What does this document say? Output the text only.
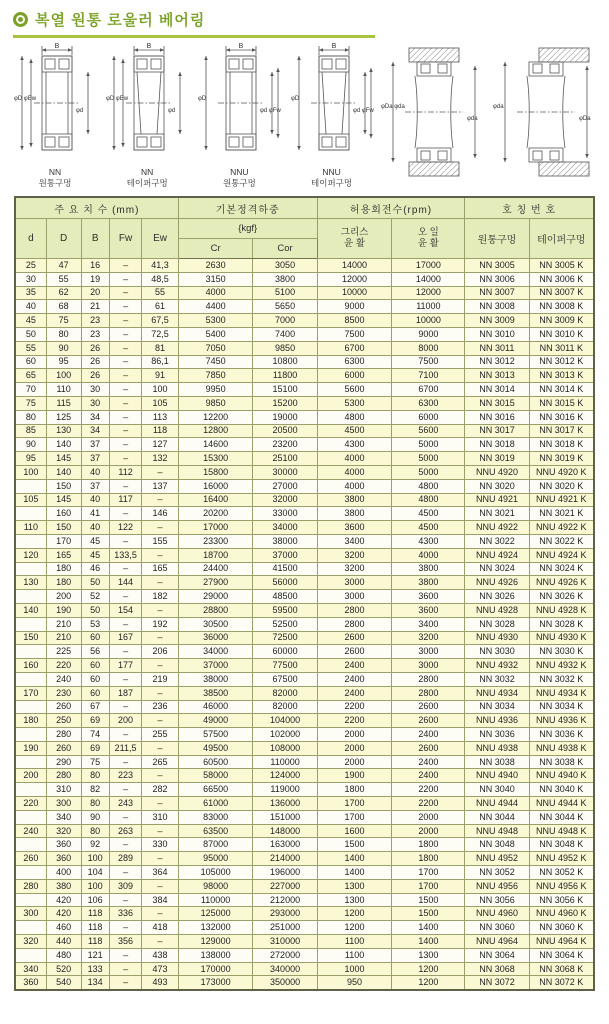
복열 원통 로울러 베어링
B
φD φEw
φd
NN
원통구멍
B
φD φEw
φd
NN
테이퍼구멍
B
φD
φd φFw
NNU
원통구멍
B
φD
φd φFw
NNU
테이퍼구멍
φDa φda
φda
φda
φDa
주 요 치 수 (mm)					기본정격하중		허용회전수(rpm)		호 칭 번 호	
d	D	B	Fw	Ew	{kgf}		그리스
윤 활	오 일
윤 활	원통구멍	테이퍼구멍
					Cr	Cor				
25	47	16	–	41,3	2630	3050	14000	17000	NN 3005	NN 3005 K
30	55	19	–	48,5	3150	3800	12000	14000	NN 3006	NN 3006 K
35	62	20	–	55	4000	5100	10000	12000	NN 3007	NN 3007 K
40	68	21	–	61	4400	5650	9000	11000	NN 3008	NN 3008 K
45	75	23	–	67,5	5300	7000	8500	10000	NN 3009	NN 3009 K
50	80	23	–	72,5	5400	7400	7500	9000	NN 3010	NN 3010 K
55	90	26	–	81	7050	9850	6700	8000	NN 3011	NN 3011 K
60	95	26	–	86,1	7450	10800	6300	7500	NN 3012	NN 3012 K
65	100	26	–	91	7850	11800	6000	7100	NN 3013	NN 3013 K
70	110	30	–	100	9950	15100	5600	6700	NN 3014	NN 3014 K
75	115	30	–	105	9850	15200	5300	6300	NN 3015	NN 3015 K
80	125	34	–	113	12200	19000	4800	6000	NN 3016	NN 3016 K
85	130	34	–	118	12800	20500	4500	5600	NN 3017	NN 3017 K
90	140	37	–	127	14600	23200	4300	5000	NN 3018	NN 3018 K
95	145	37	–	132	15300	25100	4000	5000	NN 3019	NN 3019 K
100	140	40	112	–	15800	30000	4000	5000	NNU 4920	NNU 4920 K
	150	37	–	137	16000	27000	4000	4800	NN 3020	NN 3020 K
105	145	40	117	–	16400	32000	3800	4800	NNU 4921	NNU 4921 K
	160	41	–	146	20200	33000	3800	4500	NN 3021	NN 3021 K
110	150	40	122	–	17000	34000	3600	4500	NNU 4922	NNU 4922 K
	170	45	–	155	23300	38000	3400	4300	NN 3022	NN 3022 K
120	165	45	133,5	–	18700	37000	3200	4000	NNU 4924	NNU 4924 K
	180	46	–	165	24400	41500	3200	3800	NN 3024	NN 3024 K
130	180	50	144	–	27900	56000	3000	3800	NNU 4926	NNU 4926 K
	200	52	–	182	29000	48500	3000	3600	NN 3026	NN 3026 K
140	190	50	154	–	28800	59500	2800	3600	NNU 4928	NNU 4928 K
	210	53	–	192	30500	52500	2800	3400	NN 3028	NN 3028 K
150	210	60	167	–	36000	72500	2600	3200	NNU 4930	NNU 4930 K
	225	56	–	206	34000	60000	2600	3000	NN 3030	NN 3030 K
160	220	60	177	–	37000	77500	2400	3000	NNU 4932	NNU 4932 K
	240	60	–	219	38000	67500	2400	2800	NN 3032	NN 3032 K
170	230	60	187	–	38500	82000	2400	2800	NNU 4934	NNU 4934 K
	260	67	–	236	46000	82000	2200	2600	NN 3034	NN 3034 K
180	250	69	200	–	49000	104000	2200	2600	NNU 4936	NNU 4936 K
	280	74	–	255	57500	102000	2000	2400	NN 3036	NN 3036 K
190	260	69	211,5	–	49500	108000	2000	2600	NNU 4938	NNU 4938 K
	290	75	–	265	60500	110000	2000	2400	NN 3038	NN 3038 K
200	280	80	223	–	58000	124000	1900	2400	NNU 4940	NNU 4940 K
	310	82	–	282	66500	119000	1800	2200	NN 3040	NN 3040 K
220	300	80	243	–	61000	136000	1700	2200	NNU 4944	NNU 4944 K
	340	90	–	310	83000	151000	1700	2000	NN 3044	NN 3044 K
240	320	80	263	–	63500	148000	1600	2000	NNU 4948	NNU 4948 K
	360	92	–	330	87000	163000	1500	1800	NN 3048	NN 3048 K
260	360	100	289	–	95000	214000	1400	1800	NNU 4952	NNU 4952 K
	400	104	–	364	105000	196000	1400	1700	NN 3052	NN 3052 K
280	380	100	309	–	98000	227000	1300	1700	NNU 4956	NNU 4956 K
	420	106	–	384	110000	212000	1300	1500	NN 3056	NN 3056 K
300	420	118	336	–	125000	293000	1200	1500	NNU 4960	NNU 4960 K
	460	118	–	418	132000	251000	1200	1400	NN 3060	NN 3060 K
320	440	118	356	–	129000	310000	1100	1400	NNU 4964	NNU 4964 K
	480	121	–	438	138000	272000	1100	1300	NN 3064	NN 3064 K
340	520	133	–	473	170000	340000	1000	1200	NN 3068	NN 3068 K
360	540	134	–	493	173000	350000	950	1200	NN 3072	NN 3072 K
